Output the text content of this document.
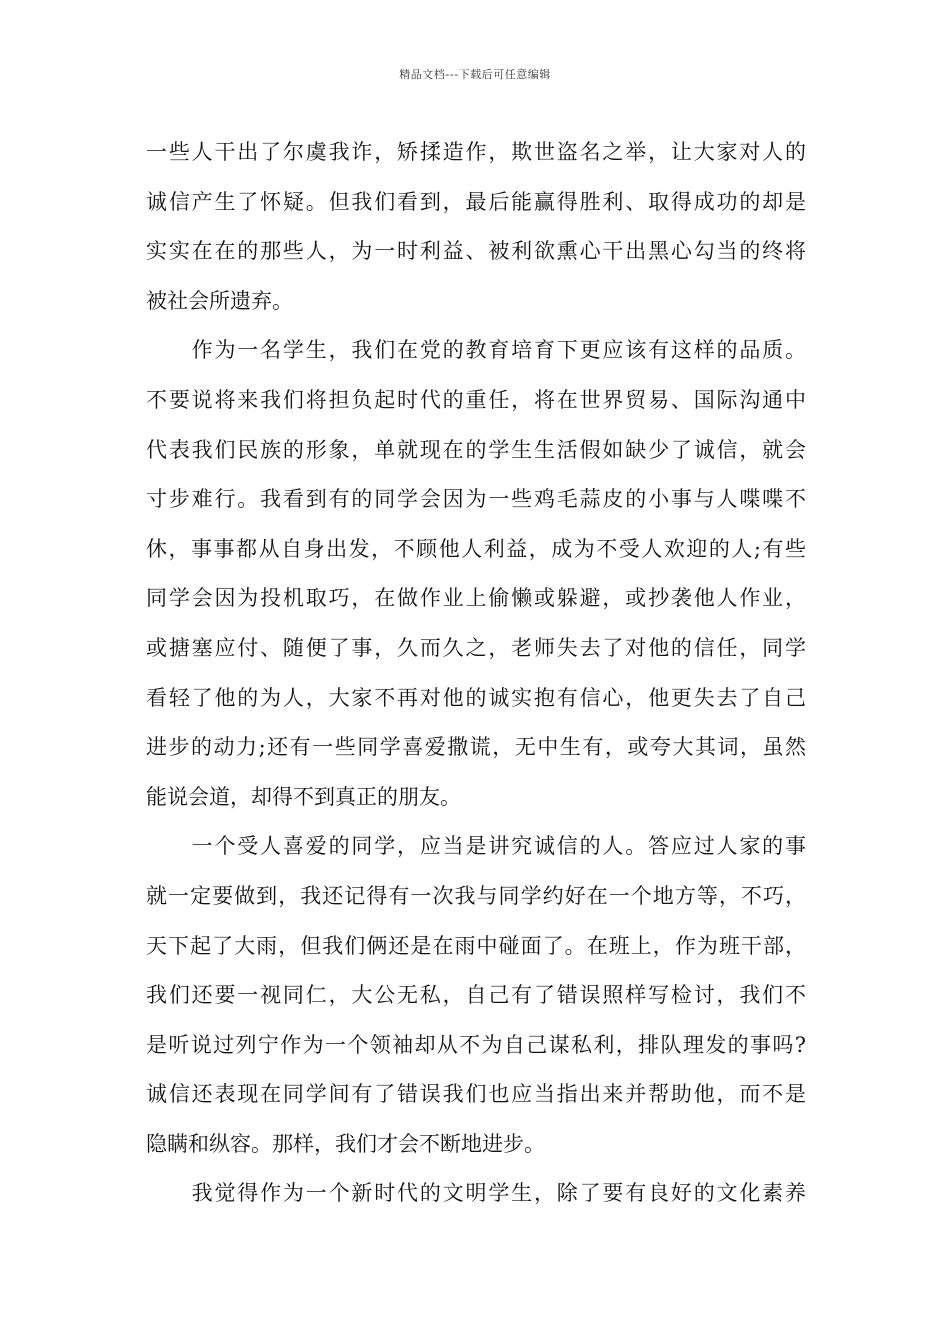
精品文档---下载后可任意编辑
一些人干出了尔虞我诈，矫揉造作，欺世盗名之举，让大家对人的
诚信产生了怀疑。但我们看到，最后能赢得胜利、取得成功的却是
实实在在的那些人，为一时利益、被利欲熏心干出黑心勾当的终将
被社会所遗弃。
　　作为一名学生，我们在党的教育培育下更应该有这样的品质。
不要说将来我们将担负起时代的重任，将在世界贸易、国际沟通中
代表我们民族的形象，单就现在的学生生活假如缺少了诚信，就会
寸步难行。我看到有的同学会因为一些鸡毛蒜皮的小事与人喋喋不
休，事事都从自身出发，不顾他人利益，成为不受人欢迎的人;有些
同学会因为投机取巧，在做作业上偷懒或躲避，或抄袭他人作业，
或搪塞应付、随便了事，久而久之，老师失去了对他的信任，同学
看轻了他的为人，大家不再对他的诚实抱有信心，他更失去了自己
进步的动力;还有一些同学喜爱撒谎，无中生有，或夸大其词，虽然
能说会道，却得不到真正的朋友。
　　一个受人喜爱的同学，应当是讲究诚信的人。答应过人家的事
就一定要做到，我还记得有一次我与同学约好在一个地方等，不巧，
天下起了大雨，但我们俩还是在雨中碰面了。在班上，作为班干部，
我们还要一视同仁，大公无私，自己有了错误照样写检讨，我们不
是听说过列宁作为一个领袖却从不为自己谋私利，排队理发的事吗?
诚信还表现在同学间有了错误我们也应当指出来并帮助他，而不是
隐瞒和纵容。那样，我们才会不断地进步。
　　我觉得作为一个新时代的文明学生，除了要有良好的文化素养
